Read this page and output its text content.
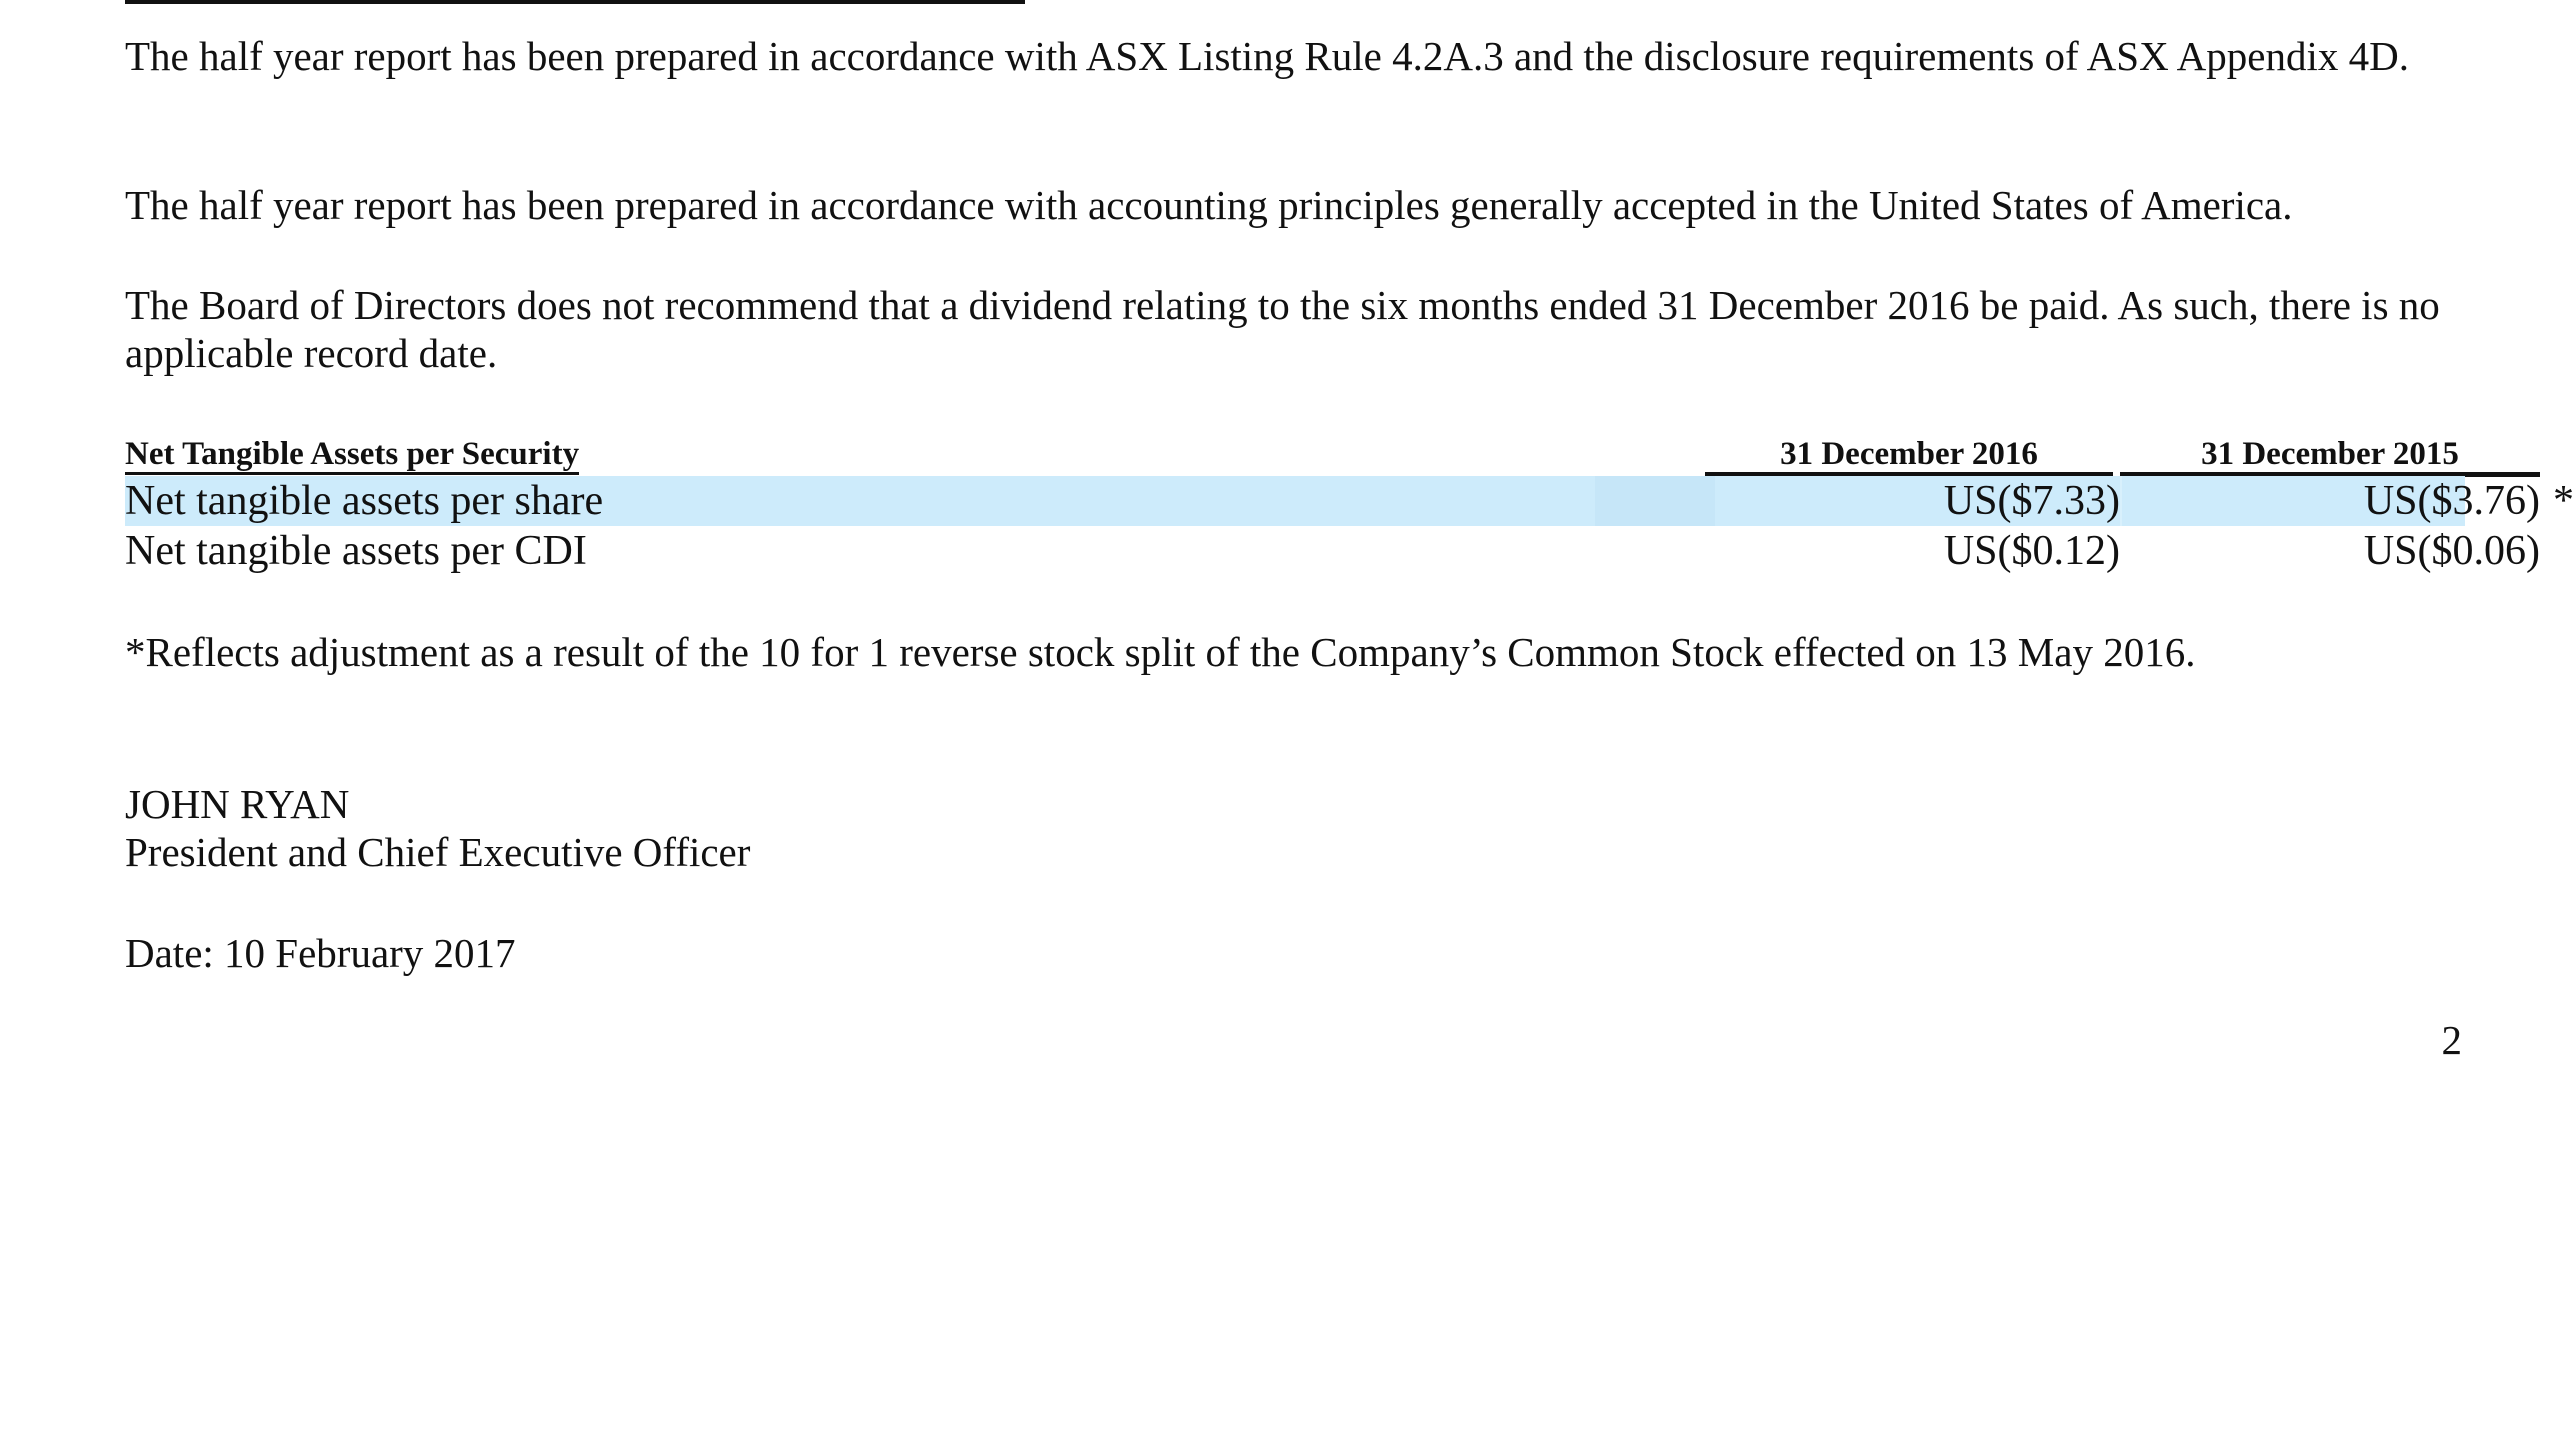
The half year report has been prepared in accordance with ASX Listing Rule 4.2A.3 and the disclosure requirements of ASX Appendix 4D.

The half year report has been prepared in accordance with accounting principles generally accepted in the United States of America.

The Board of Directors does not recommend that a dividend relating to the six months ended 31 December 2016 be paid. As such, there is no applicable record date.

Net Tangible Assets per Security	31 December 2016	31 December 2015
Net tangible assets per share	US($7.33)	US($3.76) *
Net tangible assets per CDI	US($0.12)	US($0.06)

*Reflects adjustment as a result of the 10 for 1 reverse stock split of the Company’s Common Stock effected on 13 May 2016.

JOHN RYAN

President and Chief Executive Officer

Date: 10 February 2017

2
